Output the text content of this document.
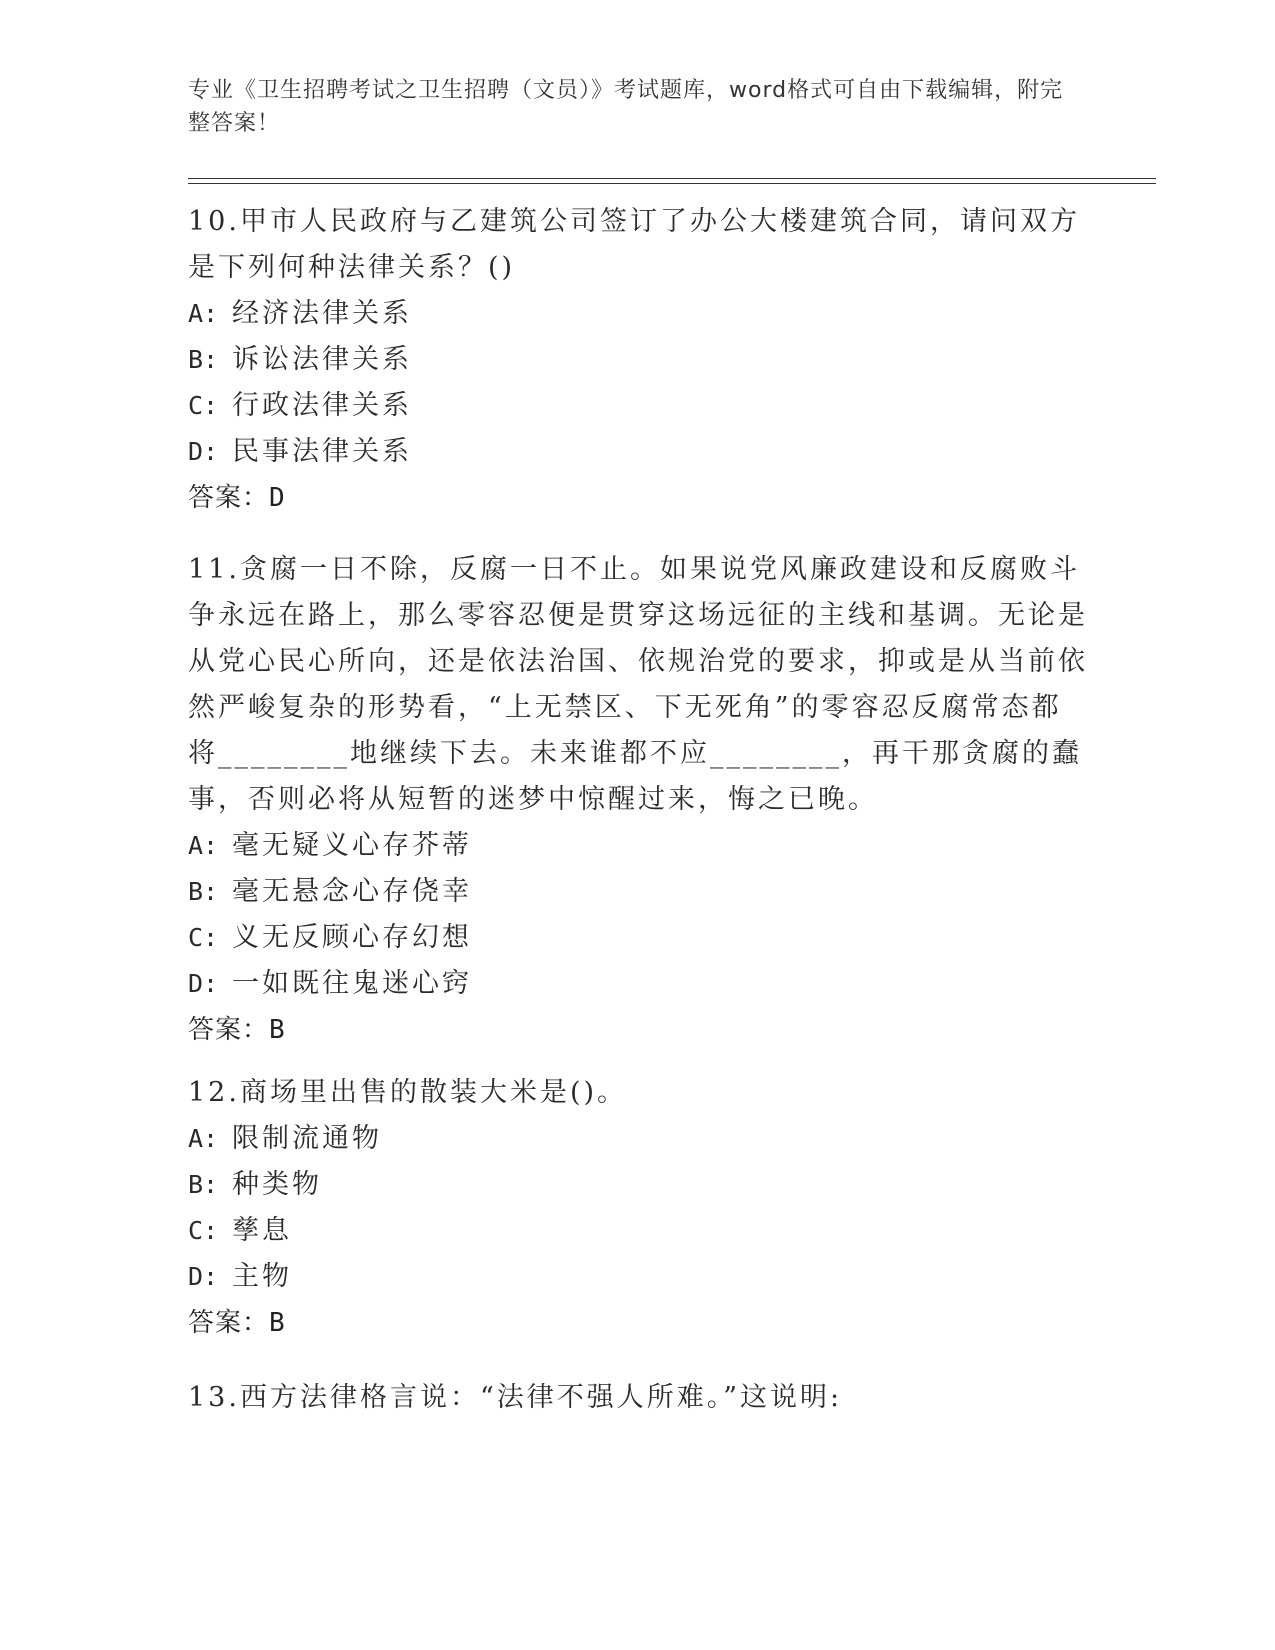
专业《卫生招聘考试之卫生招聘（文员）》考试题库，word格式可自由下载编辑，附完整答案！

10.甲市人民政府与乙建筑公司签订了办公大楼建筑合同，请问双方是下列何种法律关系？()

A: 经济法律关系

B: 诉讼法律关系

C: 行政法律关系

D: 民事法律关系

答案：D

11.贪腐一日不除，反腐一日不止。如果说党风廉政建设和反腐败斗争永远在路上，那么零容忍便是贯穿这场远征的主线和基调。无论是从党心民心所向，还是依法治国、依规治党的要求，抑或是从当前依然严峻复杂的形势看，“上无禁区、下无死角”的零容忍反腐常态都将________地继续下去。未来谁都不应________，再干那贪腐的蠢事，否则必将从短暂的迷梦中惊醒过来，悔之已晚。

A: 毫无疑义心存芥蒂

B: 毫无悬念心存侥幸

C: 义无反顾心存幻想

D: 一如既往鬼迷心窍

答案：B

12.商场里出售的散装大米是()。

A: 限制流通物

B: 种类物

C: 孳息

D: 主物

答案：B

13.西方法律格言说：“法律不强人所难。”这说明:
